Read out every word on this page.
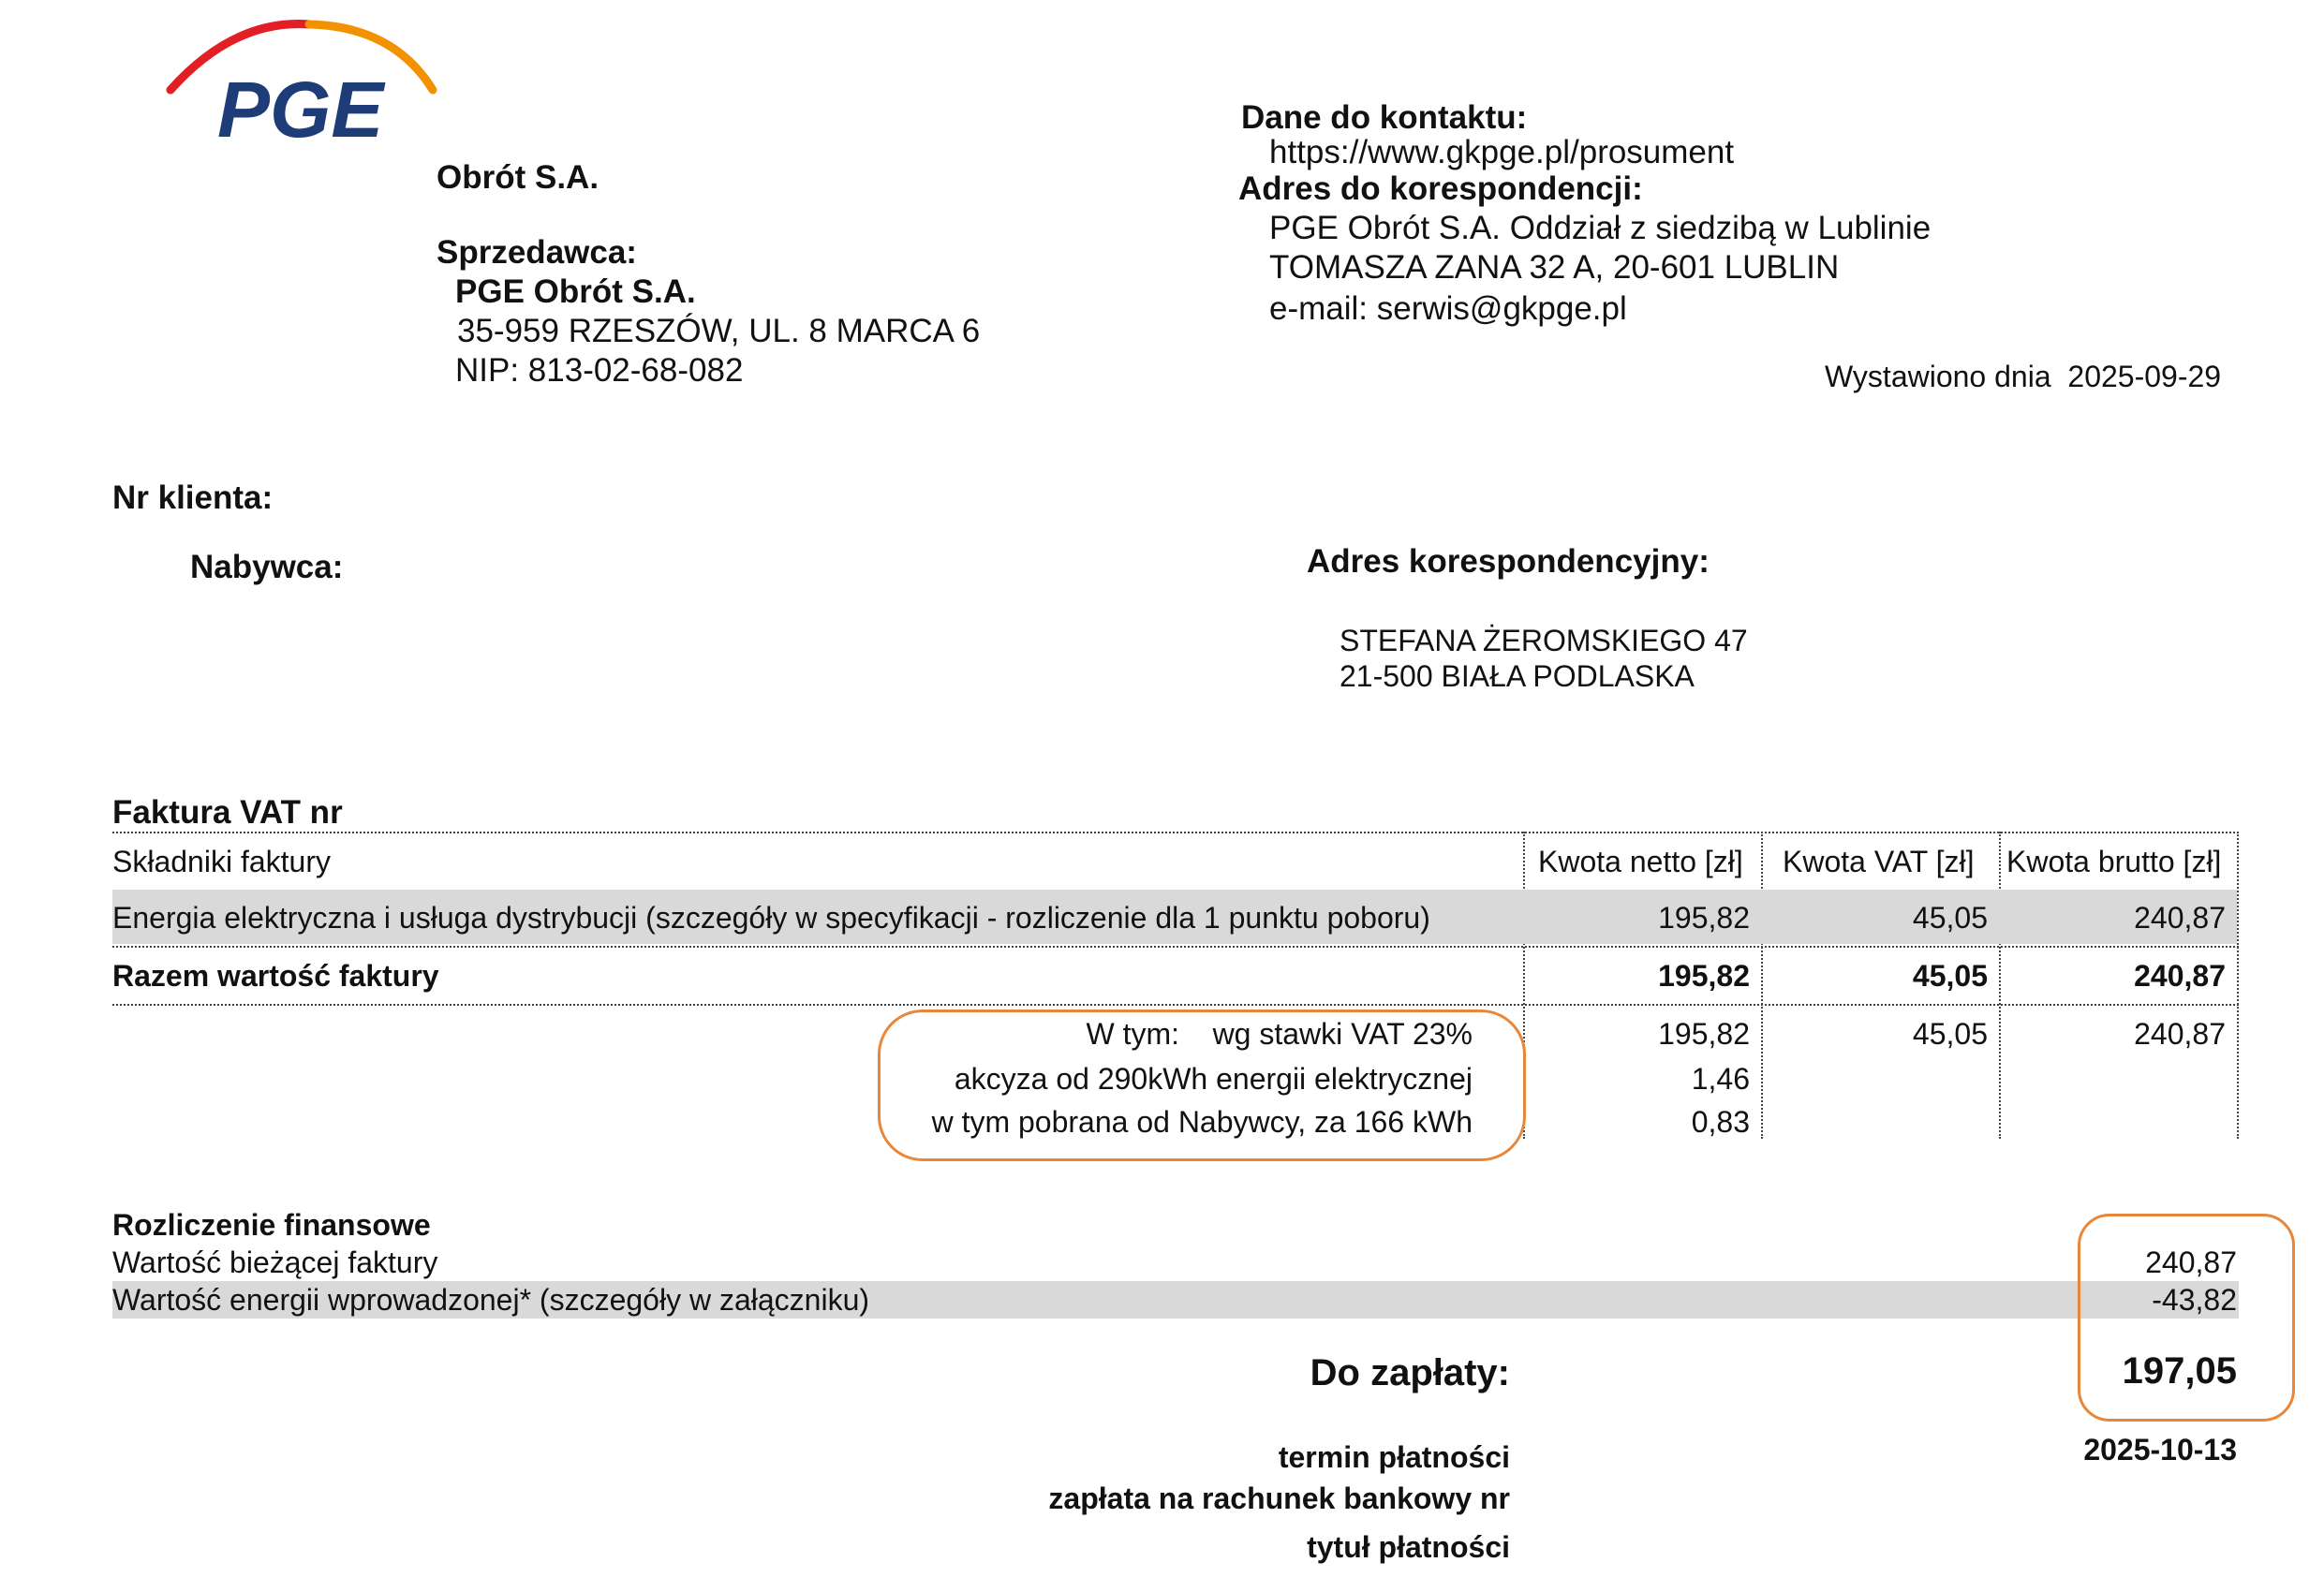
PGE
Obrót S.A.
Sprzedawca:
PGE Obrót S.A.
35-959 RZESZÓW, UL. 8 MARCA 6
NIP: 813-02-68-082
Dane do kontaktu:
https://www.gkpge.pl/prosument
Adres do korespondencji:
PGE Obrót S.A. Oddział z siedzibą w Lublinie
TOMASZA ZANA 32 A, 20-601 LUBLIN
e-mail: serwis@gkpge.pl
Wystawiono dnia 2025-09-29
Nr klienta:
Nabywca:	Adres korespondencyjny:
STEFANA ŻEROMSKIEGO 47
21-500 BIAŁA PODLASKA
Faktura VAT nr
Składniki faktury	Kwota netto [zł] Kwota VAT [zł] Kwota brutto [zł]
Energia elektryczna i usługa dystrybucji (szczegóły w specyfikacji - rozliczenie dla 1 punktu poboru)	195,82	45,05	240,87
Razem wartość faktury	195,82	45,05	240,87
W tym: wg stawki VAT 23%	195,82	45,05	240,87
akcyza od 290kWh energii elektrycznej	1,46
w tym pobrana od Nabywcy, za 166 kWh	0,83
Rozliczenie finansowe
Wartość bieżącej faktury	240,87
Wartość energii wprowadzonej* (szczegóły w załączniku)	-43,82
Do zapłaty:	197,05
termin płatności	2025-10-13
zapłata na rachunek bankowy nr
tytuł płatności
